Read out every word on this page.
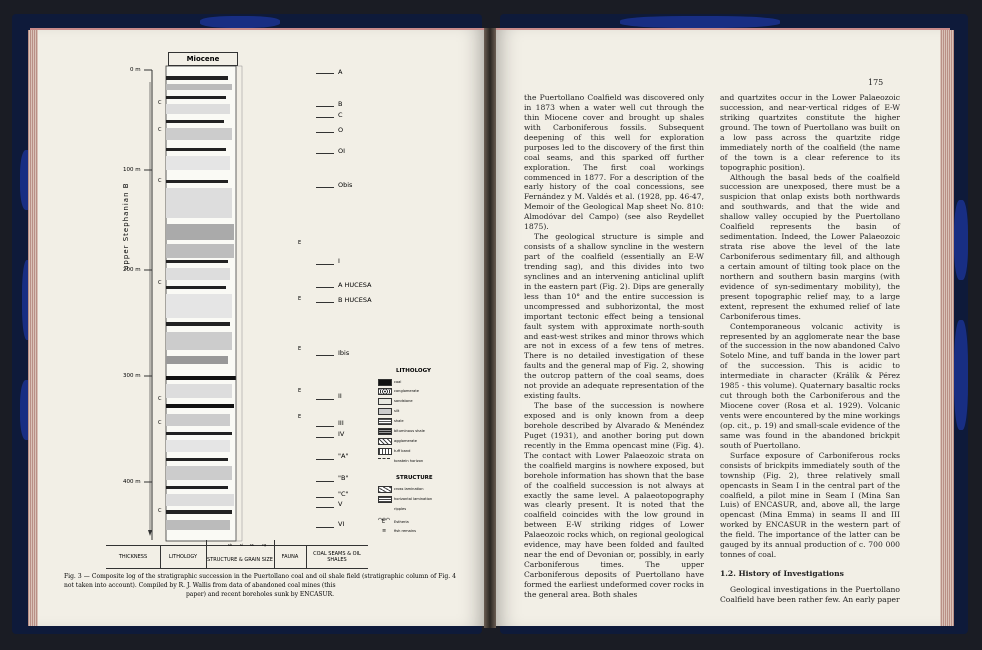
Miocene
0 m
100 m
200 m
300 m
400 m
upper Stephanian B
C
C
C
C
C
C
C
E
E
E
E
E
A
B
C
O
OI
Obis
I
A HUCESA
B HUCESA
Ibis
II
III
IV
"A"
"B"
"C"
V
VI
LITHOLOGY
coal
conglomerate
sandstone
silt
shale
bituminous shale
agglomerate
tuff band
tonstein horizon
STRUCTURE
cross lamination
horizontal lamination
ripples
E Estheria
≡ fish remains
THICKNESS	LITHOLOGY	STRUCTURE & GRAIN SIZE	FAUNA	COAL SEAMS & OIL SHALES
sh si ss cg
Fig. 3 — Composite log of the stratigraphic succession in the Puertollano coal and oil shale field (stratigraphic column of Fig. 4 not taken into account). Compiled by R. J. Wallis from data of abandoned coal mines (this
paper) and recent boreholes sunk by ENCASUR.
175

the Puertollano Coalfield was discovered only in 1873 when a water well cut through the thin Miocene cover and brought up shales with Carboniferous fossils. Subsequent deepening of this well for exploration purposes led to the discovery of the first thin coal seams, and this sparked off further exploration. The first coal workings commenced in 1877. For a description of the early history of the coal concessions, see Fernández y M. Valdés et al. (1928, pp. 46-47, Memoir of the Geological Map sheet No. 810: Almodóvar del Campo) (see also Reydellet 1875).

The geological structure is simple and consists of a shallow syncline in the western part of the coalfield (essentially an E-W trending sag), and this divides into two synclines and an intervening anticlinal uplift in the eastern part (Fig. 2). Dips are generally less than 10° and the entire succession is uncompressed and subhorizontal, the most important tectonic effect being a tensional fault system with approximate north-south and east-west strikes and minor throws which are not in excess of a few tens of metres. There is no detailed investigation of these faults and the general map of Fig. 2, showing the outcrop pattern of the coal seams, does not provide an adequate representation of the existing faults.

The base of the succession is nowhere exposed and is only known from a deep borehole described by Alvarado & Menéndez Puget (1931), and another boring put down recently in the Emma opencast mine (Fig. 4). The contact with Lower Palaeozoic strata on the coalfield margins is nowhere exposed, but borehole information has shown that the base of the coalfield succession is not always at exactly the same level. A palaeotopography was clearly present. It is noted that the coalfield coincides with the low ground in between E-W striking ridges of Lower Palaeozoic rocks which, on regional geological evidence, may have been folded and faulted near the end of Devonian or, possibly, in early Carboniferous times. The upper Carboniferous deposits of Puertollano have formed the earliest undeformed cover rocks in the general area. Both shales

and quartzites occur in the Lower Palaeozoic succession, and near-vertical ridges of E-W striking quartzites constitute the higher ground. The town of Puertollano was built on a low pass across the quartzite ridge immediately north of the coalfield (the name of the town is a clear reference to its topographic position).

Although the basal beds of the coalfield succession are unexposed, there must be a suspicion that onlap exists both northwards and southwards, and that the wide and shallow valley occupied by the Puertollano Coalfield represents the basin of sedimentation. Indeed, the Lower Palaeozoic strata rise above the level of the late Carboniferous sedimentary fill, and although a certain amount of tilting took place on the northern and southern basin margins (with evidence of syn-sedimentary mobility), the present topographic relief may, to a large extent, represent the exhumed relief of late Carboniferous times.

Contemporaneous volcanic activity is represented by an agglomerate near the base of the succession in the now abandoned Calvo Sotelo Mine, and tuff banda in the lower part of the succession. This is acidic to intermediate in character (Králík & Pérez 1985 - this volume). Quaternary basaltic rocks cut through both the Carboniferous and the Miocene cover (Rosa et al. 1929). Volcanic vents were encountered by the mine workings (op. cit., p. 19) and small-scale evidence of the same was found in the abandoned brickpit south of Puertollano.

Surface exposure of Carboniferous rocks consists of brickpits immediately south of the township (Fig. 2), three relatively small opencasts in Seam I in the central part of the coalfield, a pilot mine in Seam I (Mina San Luis) of ENCASUR, and, above all, the large opencast (Mina Emma) in seams II and III worked by ENCASUR in the western part of the field. The importance of the latter can be gauged by its annual production of c. 700 000 tonnes of coal.

1.2. History of Investigations

Geological investigations in the Puertollano Coalfield have been rather few. An early paper
